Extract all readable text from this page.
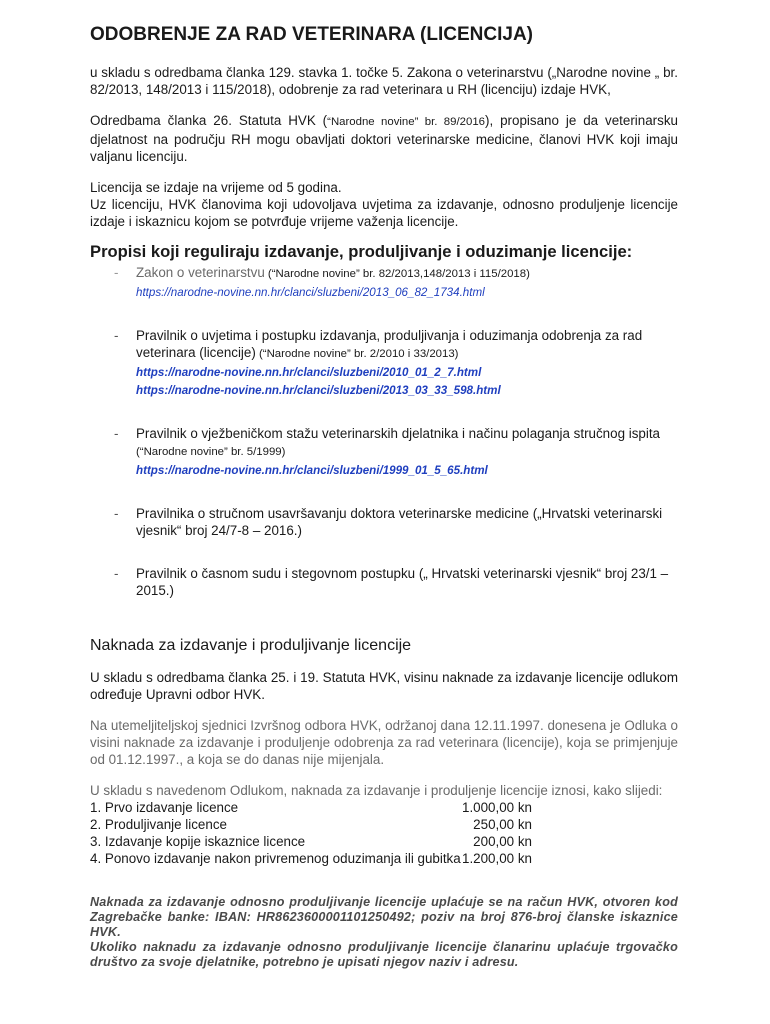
ODOBRENJE ZA RAD VETERINARA (LICENCIJA)

u skladu s odredbama članka 129. stavka 1. točke 5. Zakona o veterinarstvu („Narodne novine „ br. 82/2013, 148/2013 i 115/2018), odobrenje za rad veterinara u RH (licenciju) izdaje HVK,

Odredbama članka 26. Statuta HVK (“Narodne novine” br. 89/2016), propisano je da veterinarsku djelatnost na području RH mogu obavljati doktori veterinarske medicine, članovi HVK koji imaju valjanu licenciju.

Licencija se izdaje na vrijeme od 5 godina.

Uz licenciju, HVK članovima koji udovoljava uvjetima za izdavanje, odnosno produljenje licencije izdaje i iskaznicu kojom se potvrđuje vrijeme važenja licencije.

Propisi koji reguliraju izdavanje, produljivanje i oduzimanje licencije:
- Zakon o veterinarstvu (“Narodne novine” br. 82/2013,148/2013 i 115/2018)
https://narodne-novine.nn.hr/clanci/sluzbeni/2013_06_82_1734.html
- Pravilnik o uvjetima i postupku izdavanja, produljivanja i oduzimanja odobrenja za rad veterinara (licencije) (“Narodne novine” br. 2/2010 i 33/2013)
https://narodne-novine.nn.hr/clanci/sluzbeni/2010_01_2_7.html
https://narodne-novine.nn.hr/clanci/sluzbeni/2013_03_33_598.html
- Pravilnik o vježbeničkom stažu veterinarskih djelatnika i načinu polaganja stručnog ispita
(“Narodne novine” br. 5/1999)
https://narodne-novine.nn.hr/clanci/sluzbeni/1999_01_5_65.html
- Pravilnika o stručnom usavršavanju doktora veterinarske medicine („Hrvatski veterinarski vjesnik“ broj 24/7-8 – 2016.)
- Pravilnik o časnom sudu i stegovnom postupku („ Hrvatski veterinarski vjesnik“ broj 23/1 – 2015.)
Naknada za izdavanje i produljivanje licencije

U skladu s odredbama članka 25. i 19. Statuta HVK, visinu naknade za izdavanje licencije odlukom određuje Upravni odbor HVK.

Na utemeljiteljskoj sjednici Izvršnog odbora HVK, održanoj dana 12.11.1997. donesena je Odluka o visini naknade za izdavanje i produljenje odobrenja za rad veterinara (licencije), koja se primjenjuje od 01.12.1997., a koja se do danas nije mijenjala.

U skladu s navedenom Odlukom, naknada za izdavanje i produljenje licencije iznosi, kako slijedi:

1. Prvo izdavanje licence	1.000,00 kn
2. Produljivanje licence	250,00 kn
3. Izdavanje kopije iskaznice licence	200,00 kn
4. Ponovo izdavanje nakon privremenog oduzimanja ili gubitka	1.200,00 kn

Naknada za izdavanje odnosno produljivanje licencije uplaćuje se na račun HVK, otvoren kod Zagrebačke banke: IBAN: HR8623600001101250492; poziv na broj 876-broj članske iskaznice HVK.

Ukoliko naknadu za izdavanje odnosno produljivanje licencije članarinu uplaćuje trgovačko društvo za svoje djelatnike, potrebno je upisati njegov naziv i adresu.
